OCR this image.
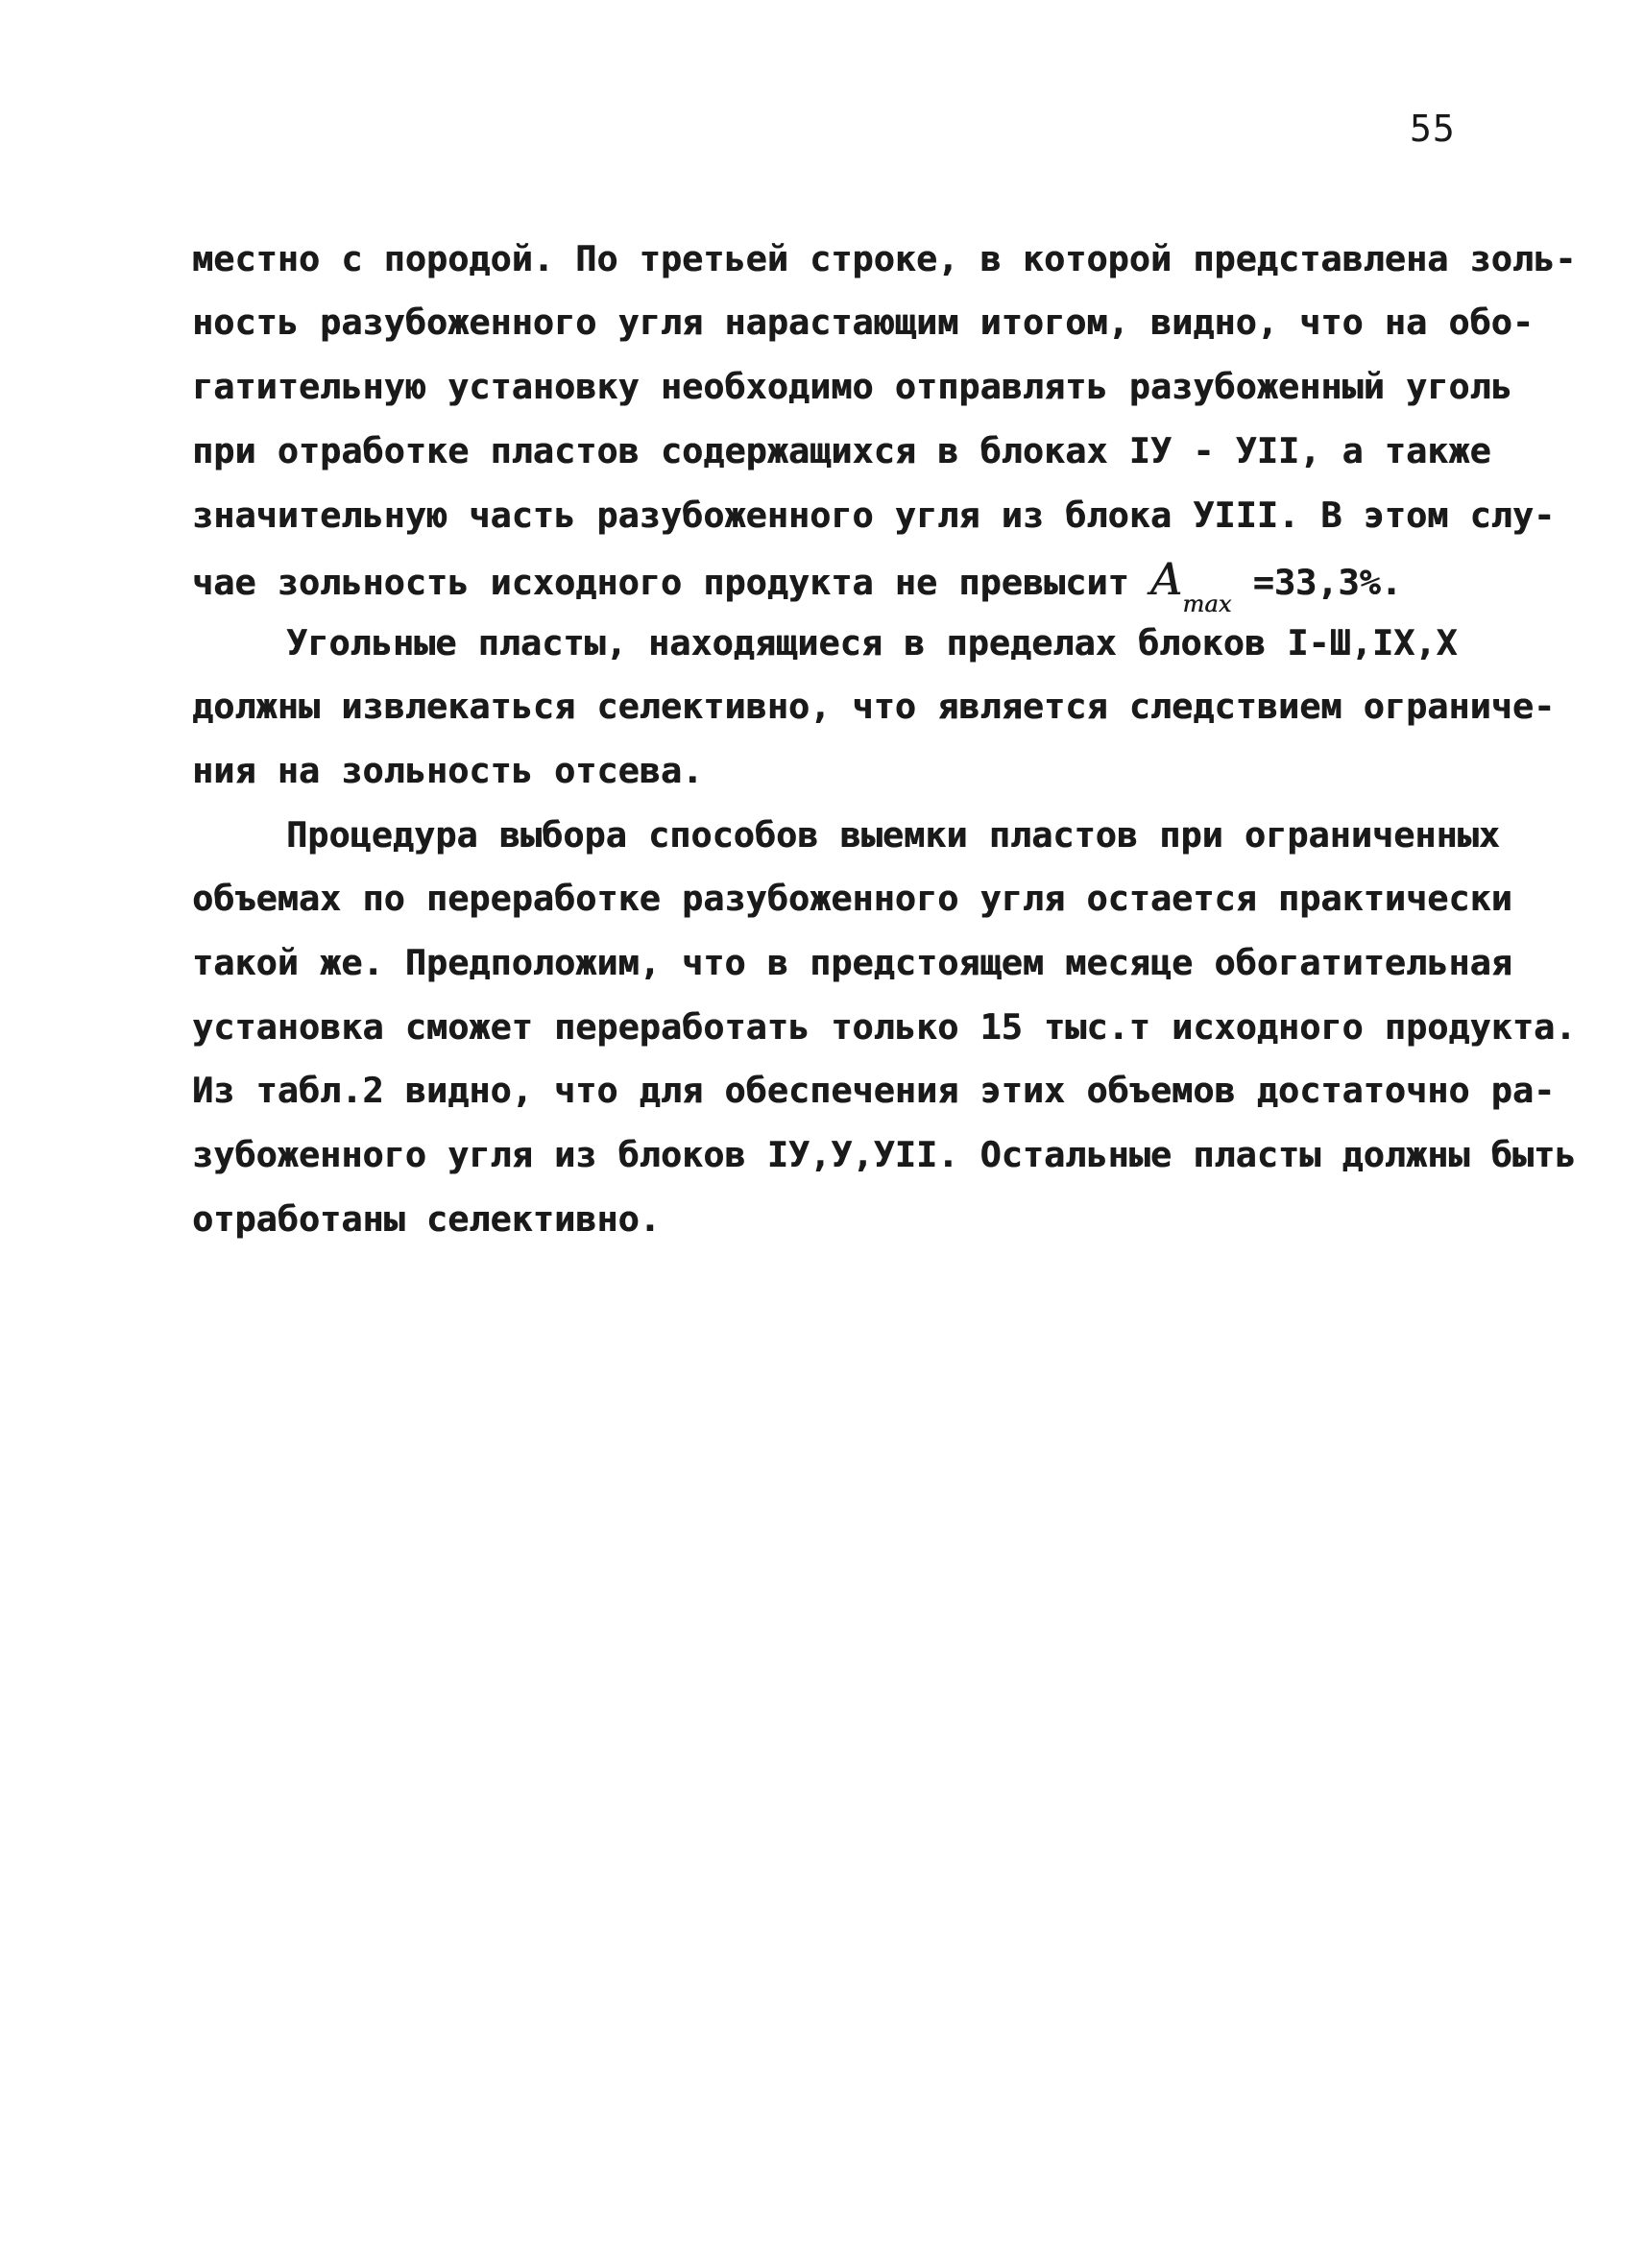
55
местно с породой. По третьей строке, в которой представлена золь-
ность разубоженного угля нарастающим итогом, видно, что на обо-
гатительную установку необходимо отправлять разубоженный уголь
при отработке пластов содержащихся в блоках IУ - УII, а также
значительную часть разубоженного угля из блока УIII. В этом слу-
чае зольность исходного продукта не превысит $A_{max} =33,3\%$.
Угольные пласты, находящиеся в пределах блоков I-Ш,IX,X
должны извлекаться селективно, что является следствием ограниче-
ния на зольность отсева.
Процедура выбора способов выемки пластов при ограниченных
объемах по переработке разубоженного угля остается практически
такой же. Предположим, что в предстоящем месяце обогатительная
установка сможет переработать только 15 тыс.т исходного продукта.
Из табл.2 видно, что для обеспечения этих объемов достаточно ра-
зубоженного угля из блоков IУ,У,УII. Остальные пласты должны быть
отработаны селективно.
